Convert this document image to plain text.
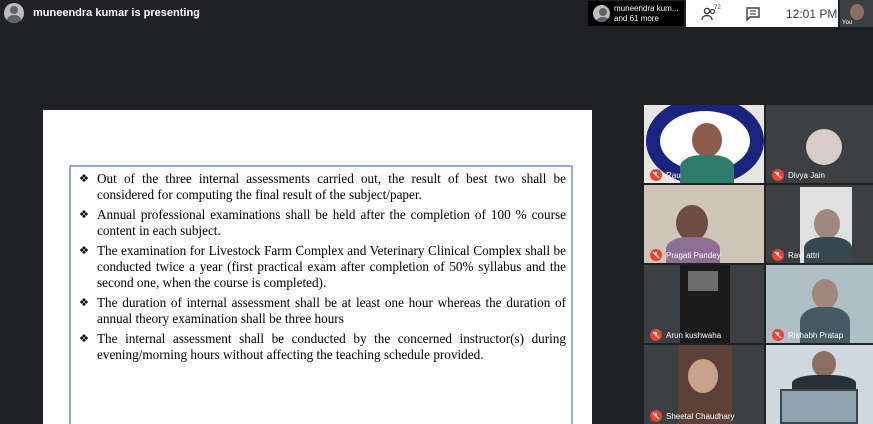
muneendra kumar is presenting	muneendra kum...
and 61 more
72	12:01 PM
You
❖ Out of the three internal assessments carried out, the result of best two shall be considered for computing the final result of the subject/paper.
❖ Annual professional examinations shall be held after the completion of 100 % course content in each subject.
❖ The examination for Livestock Farm Complex and Veterinary Clinical Complex shall be conducted twice a year (first practical exam after completion of 50% syllabus and the second one, when the course is completed).
❖ The duration of internal assessment shall be at least one hour whereas the duration of annual theory examination shall be three hours
❖ The internal assessment shall be conducted by the concerned instructor(s) during evening/morning hours without affecting the teaching schedule provided.
Rau	Divya Jain
Pragati Pandey	Ravi attri
Arun kushwaha	Rishabh Pratap
Sheetal Chaudhary
